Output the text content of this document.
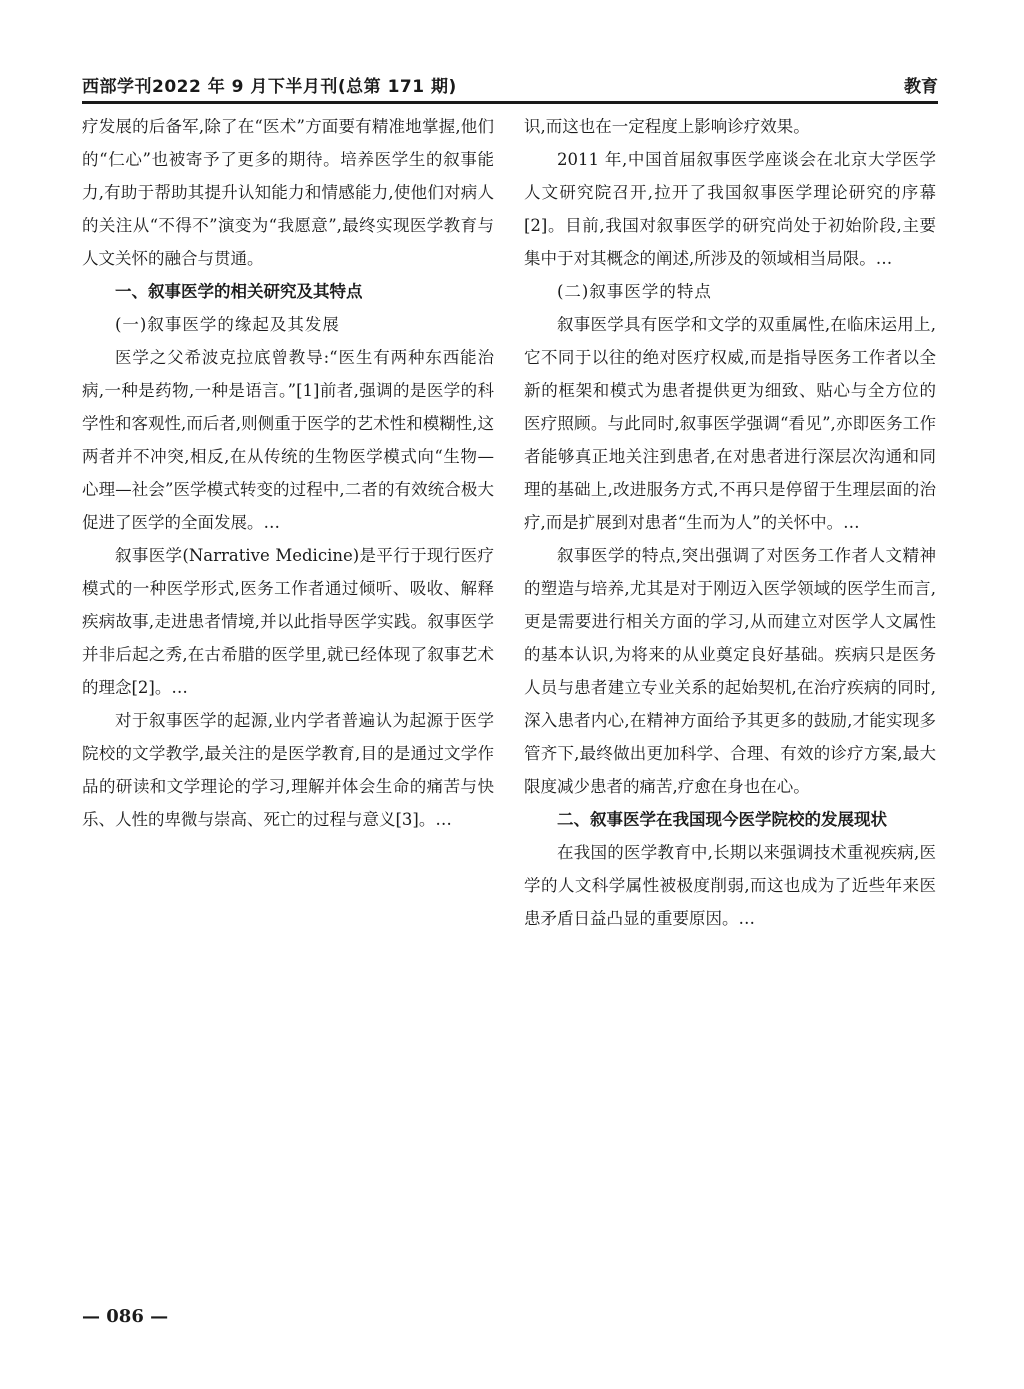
西部学刊2022 年 9 月下半月刊(总第 171 期)	教育

疗发展的后备军,除了在“医术”方面要有精准地掌握,他们的“仁心”也被寄予了更多的期待。培养医学生的叙事能力,有助于帮助其提升认知能力和情感能力,使他们对病人的关注从“不得不”演变为“我愿意”,最终实现医学教育与人文关怀的融合与贯通。

一、叙事医学的相关研究及其特点
(一)叙事医学的缘起及其发展

医学之父希波克拉底曾教导:“医生有两种东西能治病,一种是药物,一种是语言。”[1]前者,强调的是医学的科学性和客观性,而后者,则侧重于医学的艺术性和模糊性,这两者并不冲突,相反,在从传统的生物医学模式向“生物—心理—社会”医学模式转变的过程中,二者的有效统合极大促进了医学的全面发展。…

叙事医学(Narrative Medicine)是平行于现行医疗模式的一种医学形式,医务工作者通过倾听、吸收、解释疾病故事,走进患者情境,并以此指导医学实践。叙事医学并非后起之秀,在古希腊的医学里,就已经体现了叙事艺术的理念[2]。…

对于叙事医学的起源,业内学者普遍认为起源于医学院校的文学教学,最关注的是医学教育,目的是通过文学作品的研读和文学理论的学习,理解并体会生命的痛苦与快乐、人性的卑微与崇高、死亡的过程与意义[3]。…

识,而这也在一定程度上影响诊疗效果。

2011 年,中国首届叙事医学座谈会在北京大学医学人文研究院召开,拉开了我国叙事医学理论研究的序幕[2]。目前,我国对叙事医学的研究尚处于初始阶段,主要集中于对其概念的阐述,所涉及的领域相当局限。…

(二)叙事医学的特点

叙事医学具有医学和文学的双重属性,在临床运用上,它不同于以往的绝对医疗权威,而是指导医务工作者以全新的框架和模式为患者提供更为细致、贴心与全方位的医疗照顾。与此同时,叙事医学强调“看见”,亦即医务工作者能够真正地关注到患者,在对患者进行深层次沟通和同理的基础上,改进服务方式,不再只是停留于生理层面的治疗,而是扩展到对患者“生而为人”的关怀中。…

叙事医学的特点,突出强调了对医务工作者人文精神的塑造与培养,尤其是对于刚迈入医学领域的医学生而言,更是需要进行相关方面的学习,从而建立对医学人文属性的基本认识,为将来的从业奠定良好基础。疾病只是医务人员与患者建立专业关系的起始契机,在治疗疾病的同时,深入患者内心,在精神方面给予其更多的鼓励,才能实现多管齐下,最终做出更加科学、合理、有效的诊疗方案,最大限度减少患者的痛苦,疗愈在身也在心。

二、叙事医学在我国现今医学院校的发展现状

在我国的医学教育中,长期以来强调技术重视疾病,医学的人文科学属性被极度削弱,而这也成为了近些年来医患矛盾日益凸显的重要原因。…

— 086 —
